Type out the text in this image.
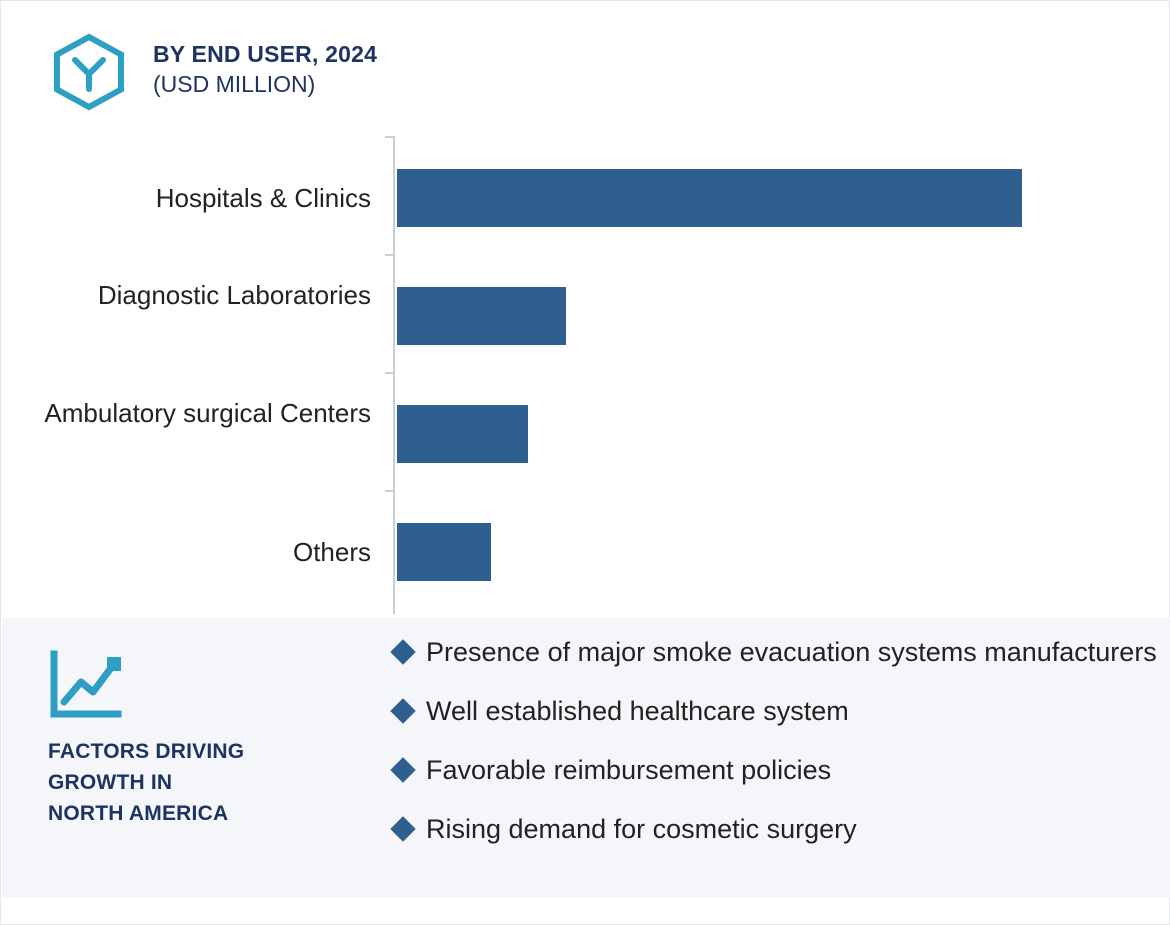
BY END USER, 2024
(USD MILLION)
Hospitals & Clinics
Diagnostic Laboratories
Ambulatory surgical Centers
Others
FACTORS DRIVING
GROWTH IN
NORTH AMERICA
Presence of major smoke evacuation systems manufacturers
Well established healthcare system
Favorable reimbursement policies
Rising demand for cosmetic surgery
